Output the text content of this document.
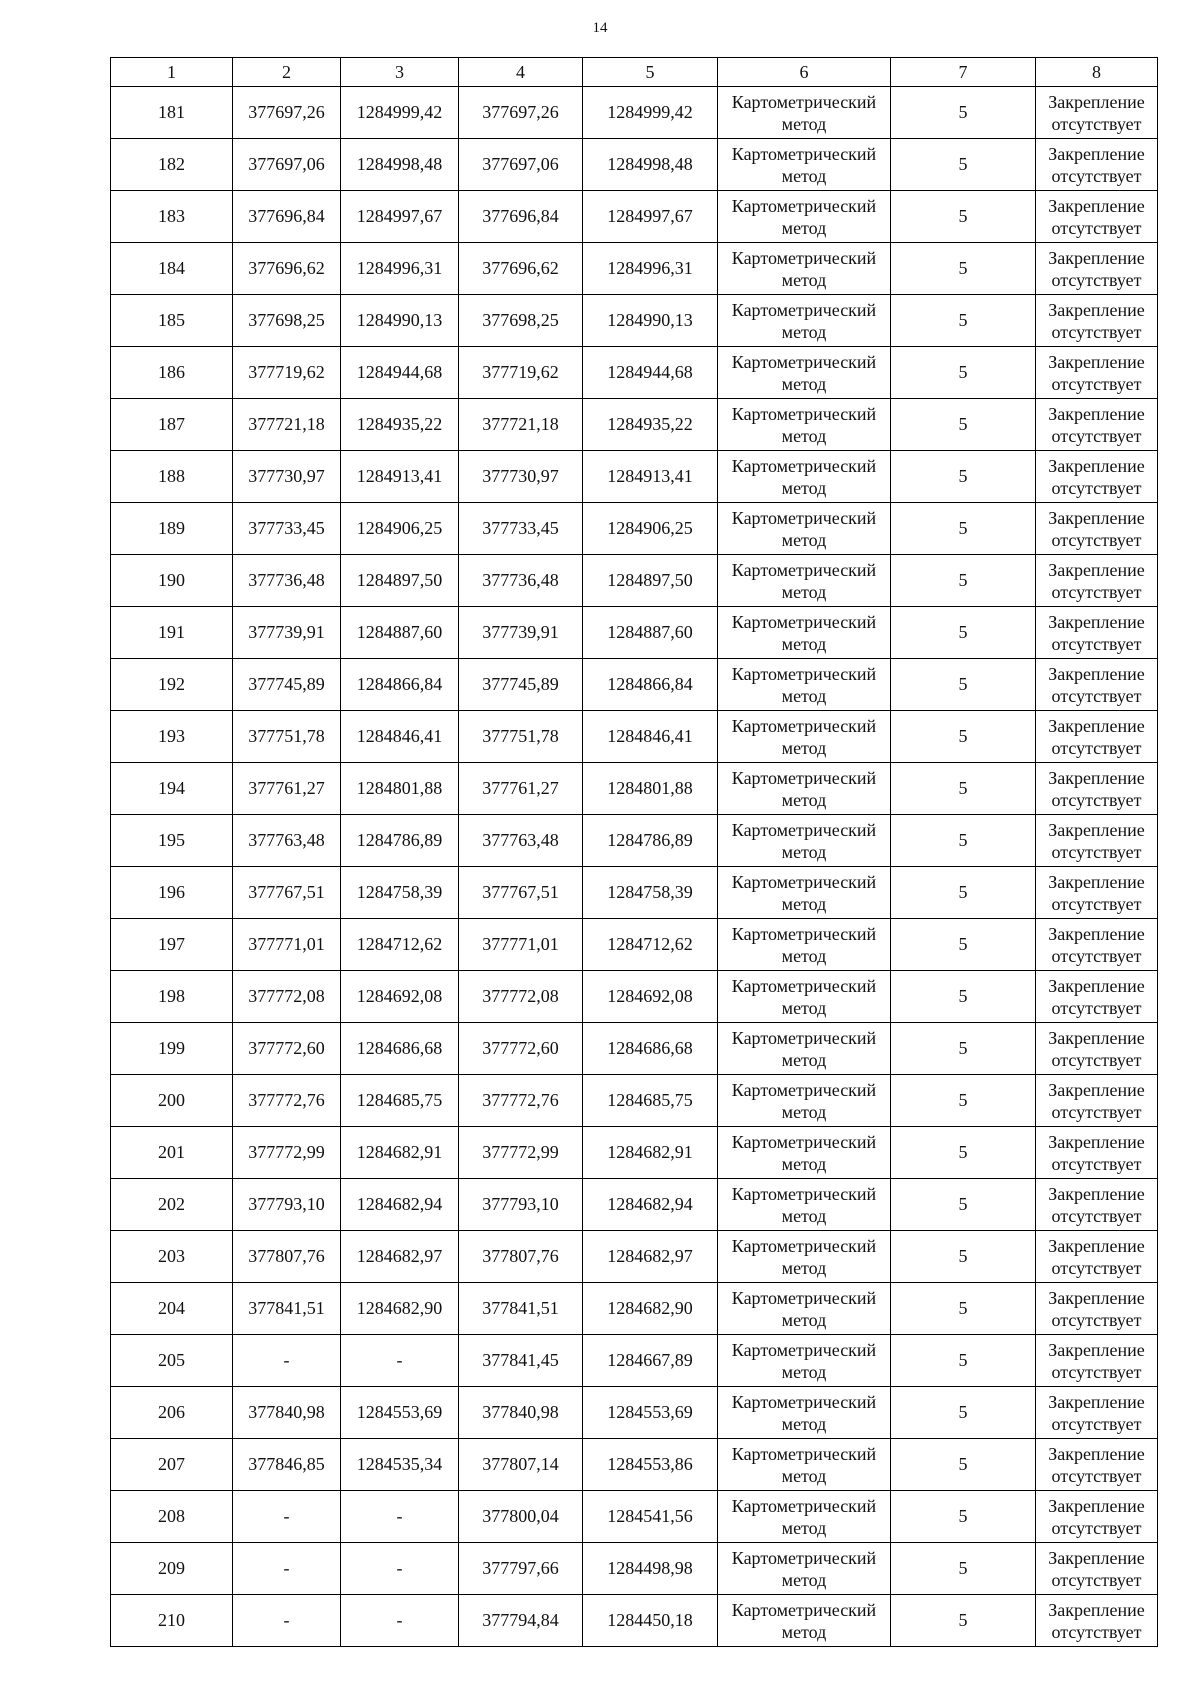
14
1	2	3	4	5	6	7	8
181	377697,26	1284999,42	377697,26	1284999,42	Картометрический метод	5	Закрепление отсутствует
182	377697,06	1284998,48	377697,06	1284998,48	Картометрический метод	5	Закрепление отсутствует
183	377696,84	1284997,67	377696,84	1284997,67	Картометрический метод	5	Закрепление отсутствует
184	377696,62	1284996,31	377696,62	1284996,31	Картометрический метод	5	Закрепление отсутствует
185	377698,25	1284990,13	377698,25	1284990,13	Картометрический метод	5	Закрепление отсутствует
186	377719,62	1284944,68	377719,62	1284944,68	Картометрический метод	5	Закрепление отсутствует
187	377721,18	1284935,22	377721,18	1284935,22	Картометрический метод	5	Закрепление отсутствует
188	377730,97	1284913,41	377730,97	1284913,41	Картометрический метод	5	Закрепление отсутствует
189	377733,45	1284906,25	377733,45	1284906,25	Картометрический метод	5	Закрепление отсутствует
190	377736,48	1284897,50	377736,48	1284897,50	Картометрический метод	5	Закрепление отсутствует
191	377739,91	1284887,60	377739,91	1284887,60	Картометрический метод	5	Закрепление отсутствует
192	377745,89	1284866,84	377745,89	1284866,84	Картометрический метод	5	Закрепление отсутствует
193	377751,78	1284846,41	377751,78	1284846,41	Картометрический метод	5	Закрепление отсутствует
194	377761,27	1284801,88	377761,27	1284801,88	Картометрический метод	5	Закрепление отсутствует
195	377763,48	1284786,89	377763,48	1284786,89	Картометрический метод	5	Закрепление отсутствует
196	377767,51	1284758,39	377767,51	1284758,39	Картометрический метод	5	Закрепление отсутствует
197	377771,01	1284712,62	377771,01	1284712,62	Картометрический метод	5	Закрепление отсутствует
198	377772,08	1284692,08	377772,08	1284692,08	Картометрический метод	5	Закрепление отсутствует
199	377772,60	1284686,68	377772,60	1284686,68	Картометрический метод	5	Закрепление отсутствует
200	377772,76	1284685,75	377772,76	1284685,75	Картометрический метод	5	Закрепление отсутствует
201	377772,99	1284682,91	377772,99	1284682,91	Картометрический метод	5	Закрепление отсутствует
202	377793,10	1284682,94	377793,10	1284682,94	Картометрический метод	5	Закрепление отсутствует
203	377807,76	1284682,97	377807,76	1284682,97	Картометрический метод	5	Закрепление отсутствует
204	377841,51	1284682,90	377841,51	1284682,90	Картометрический метод	5	Закрепление отсутствует
205	-	-	377841,45	1284667,89	Картометрический метод	5	Закрепление отсутствует
206	377840,98	1284553,69	377840,98	1284553,69	Картометрический метод	5	Закрепление отсутствует
207	377846,85	1284535,34	377807,14	1284553,86	Картометрический метод	5	Закрепление отсутствует
208	-	-	377800,04	1284541,56	Картометрический метод	5	Закрепление отсутствует
209	-	-	377797,66	1284498,98	Картометрический метод	5	Закрепление отсутствует
210	-	-	377794,84	1284450,18	Картометрический метод	5	Закрепление отсутствует
